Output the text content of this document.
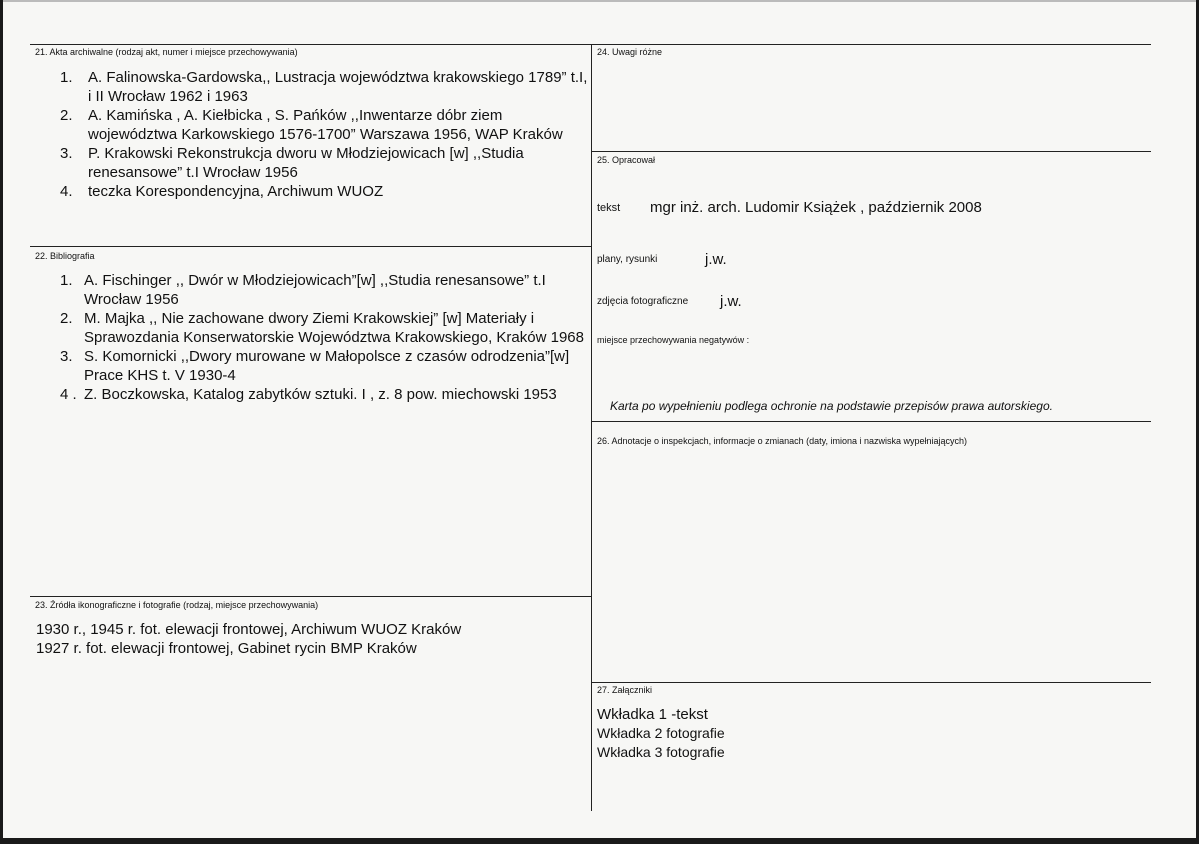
21. Akta archiwalne (rodzaj akt, numer i miejsce przechowywania)
1. A. Falinowska-Gardowska,, Lustracja województwa krakowskiego 1789” t.I, i II Wrocław 1962 i 1963
2. A. Kamińska , A. Kiełbicka , S. Pańków ,,Inwentarze dóbr ziem województwa Karkowskiego 1576-1700” Warszawa 1956, WAP Kraków
3. P. Krakowski Rekonstrukcja dworu w Młodziejowicach [w] ,,Studia renesansowe” t.I Wrocław 1956
4. teczka Korespondencyjna, Archiwum WUOZ
22. Bibliografia
1. A. Fischinger ,, Dwór w Młodziejowicach”[w] ,,Studia renesansowe” t.I Wrocław 1956
2. M. Majka ,, Nie zachowane dwory Ziemi Krakowskiej” [w] Materiały i Sprawozdania Konserwatorskie Województwa Krakowskiego, Kraków 1968
3. S. Komornicki ,,Dwory murowane w Małopolsce z czasów odrodzenia”[w] Prace KHS t. V 1930-4
4 . Z. Boczkowska, Katalog zabytków sztuki. I , z. 8 pow. miechowski 1953
23. Źródła ikonograficzne i fotografie (rodzaj, miejsce przechowywania)
1930 r., 1945 r. fot. elewacji frontowej, Archiwum WUOZ Kraków
1927 r. fot. elewacji frontowej, Gabinet rycin BMP Kraków
24. Uwagi różne
25. Opracował
tekst mgr inż. arch. Ludomir Książek , październik 2008
plany, rysunki	j.w.
zdjęcia fotograficzne j.w.
miejsce przechowywania negatywów :
Karta po wypełnieniu podlega ochronie na podstawie przepisów prawa autorskiego.
26. Adnotacje o inspekcjach, informacje o zmianach (daty, imiona i nazwiska wypełniających)
27. Załączniki
Wkładka 1 -tekst
Wkładka 2 fotografie
Wkładka 3 fotografie
